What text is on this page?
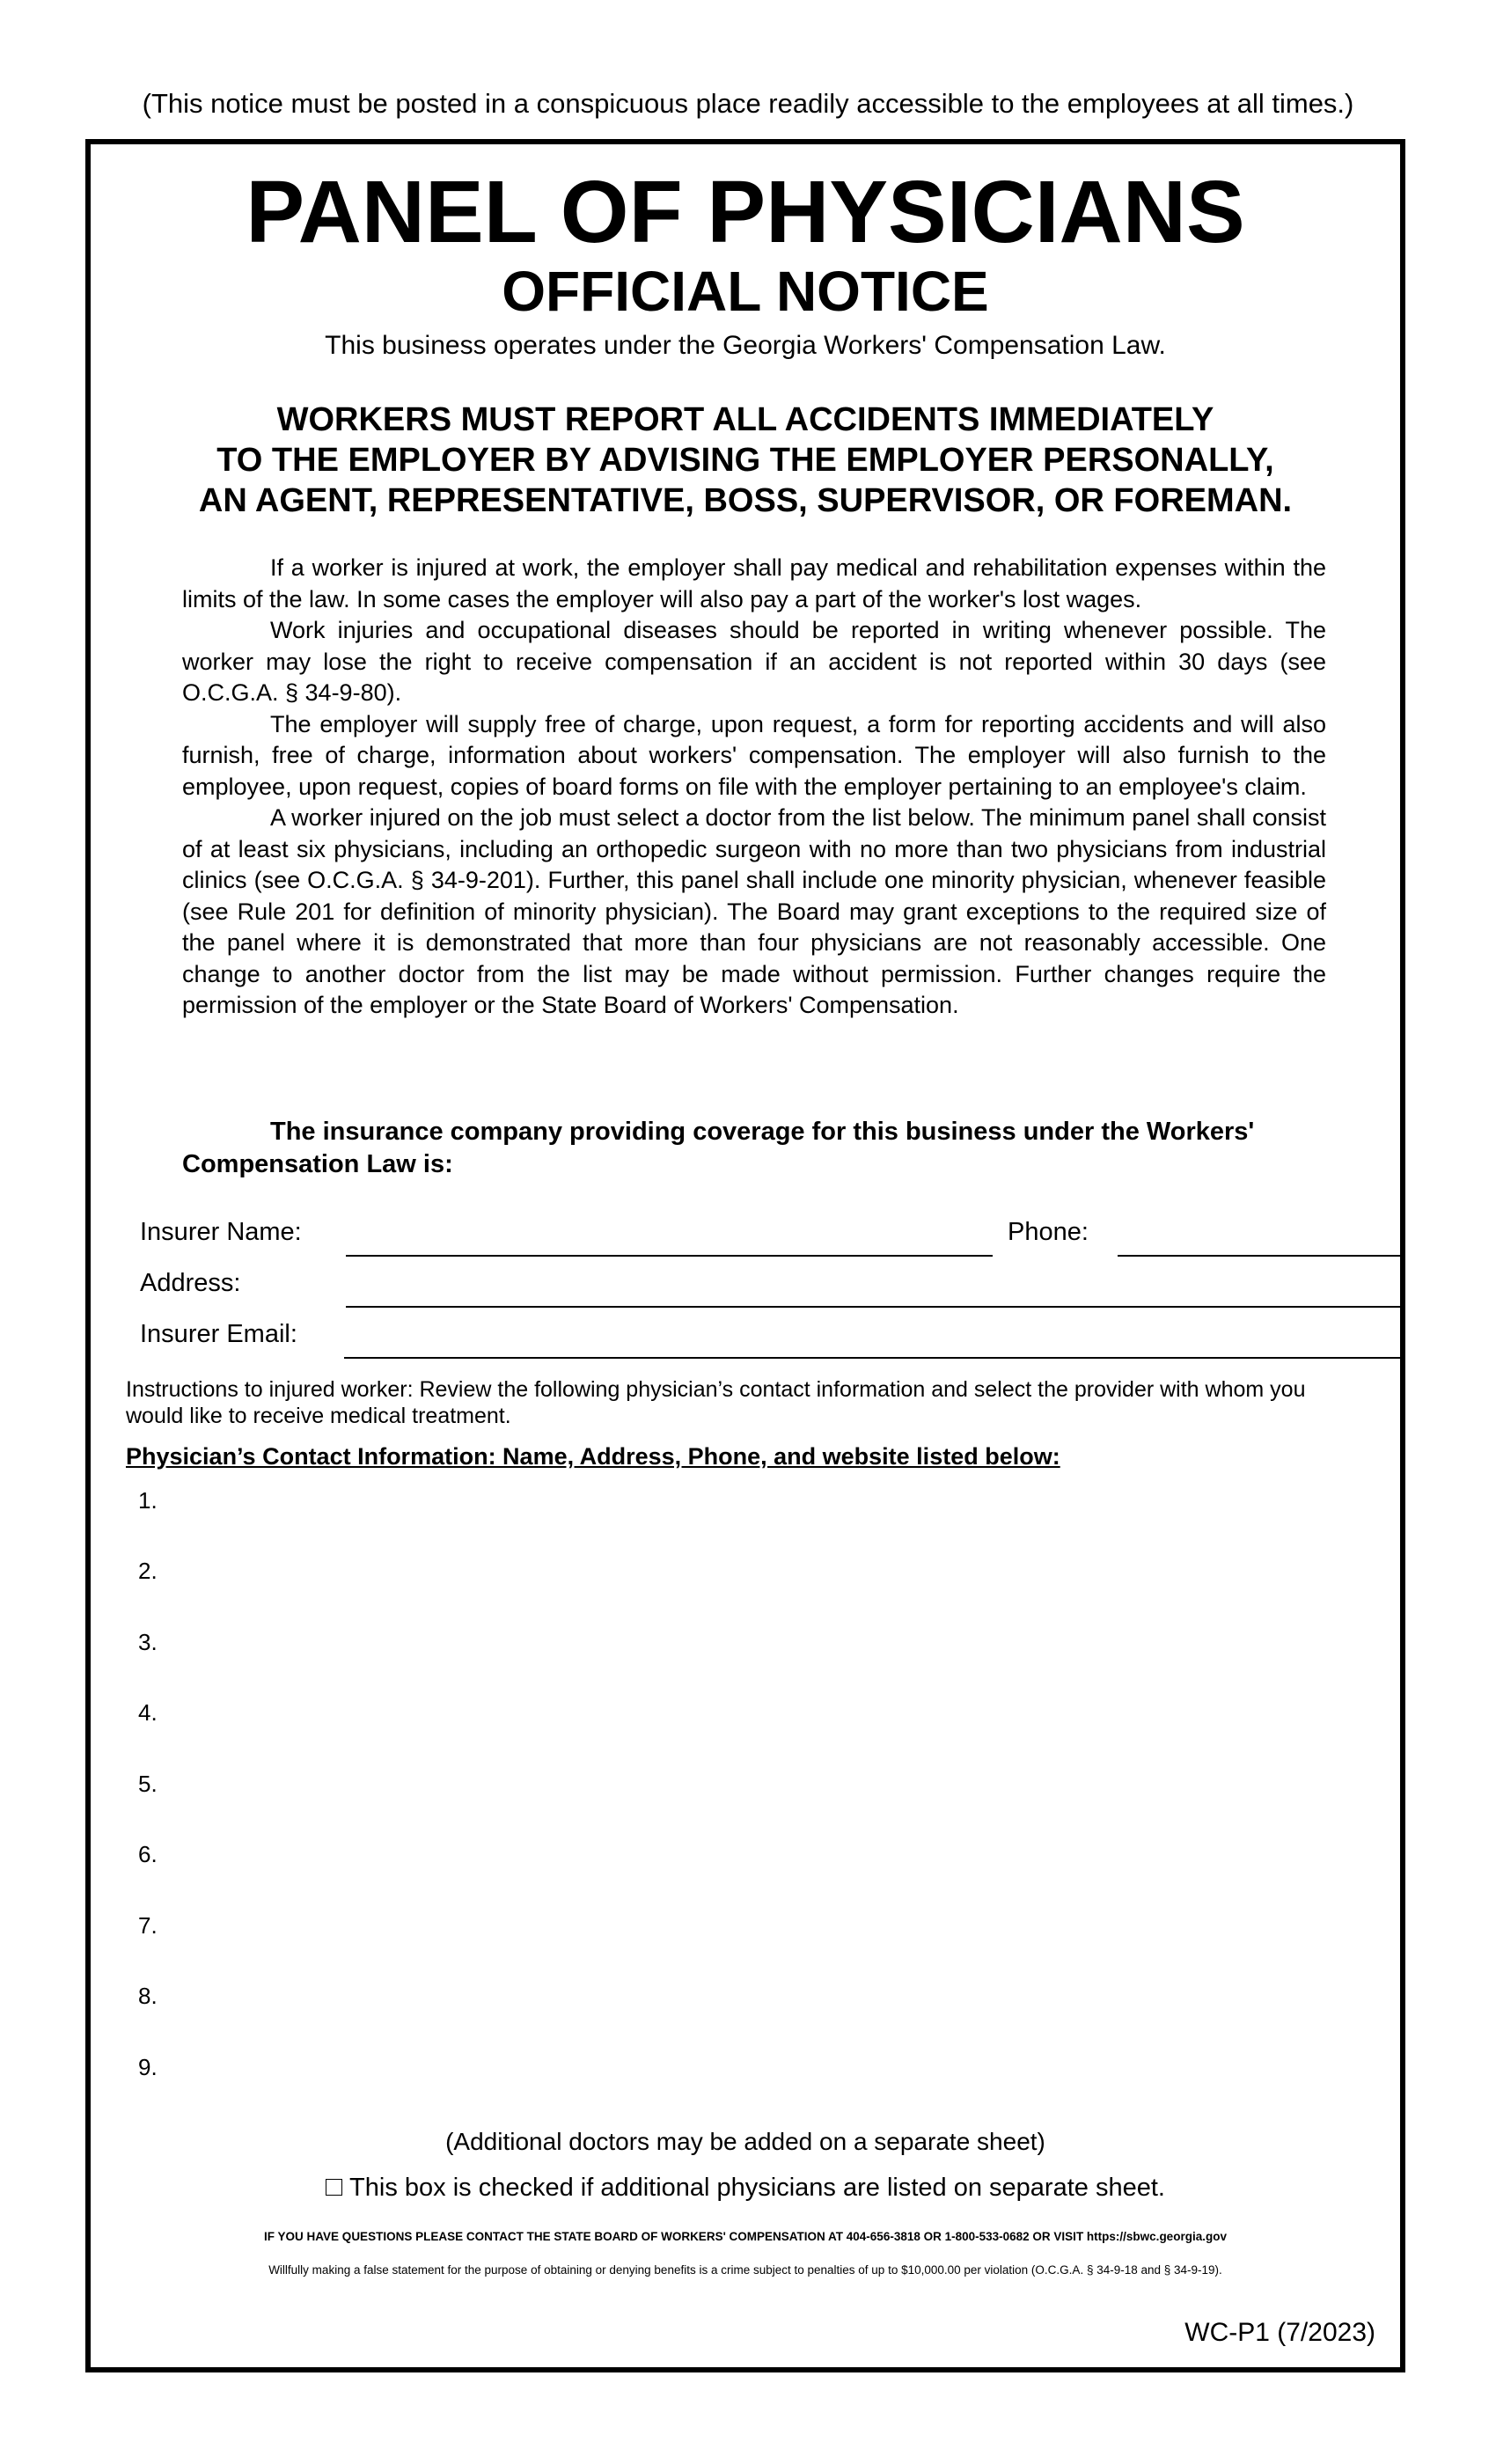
(This notice must be posted in a conspicuous place readily accessible to the employees at all times.)
PANEL OF PHYSICIANS
OFFICIAL NOTICE
This business operates under the Georgia Workers' Compensation Law.
WORKERS MUST REPORT ALL ACCIDENTS IMMEDIATELY
TO THE EMPLOYER BY ADVISING THE EMPLOYER PERSONALLY,
AN AGENT, REPRESENTATIVE, BOSS, SUPERVISOR, OR FOREMAN.

If a worker is injured at work, the employer shall pay medical and rehabilitation expenses within the limits of the law. In some cases the employer will also pay a part of the worker's lost wages.

Work injuries and occupational diseases should be reported in writing whenever possible. The worker may lose the right to receive compensation if an accident is not reported within 30 days (see O.C.G.A. § 34-9-80).

The employer will supply free of charge, upon request, a form for reporting accidents and will also furnish, free of charge, information about workers' compensation. The employer will also furnish to the employee, upon request, copies of board forms on file with the employer pertaining to an employee's claim.

A worker injured on the job must select a doctor from the list below. The minimum panel shall consist of at least six physicians, including an orthopedic surgeon with no more than two physicians from industrial clinics (see O.C.G.A. § 34-9-201). Further, this panel shall include one minority physician, whenever feasible (see Rule 201 for definition of minority physician). The Board may grant exceptions to the required size of the panel where it is demonstrated that more than four physicians are not reasonably accessible. One change to another doctor from the list may be made without permission. Further changes require the permission of the employer or the State Board of Workers' Compensation.

The insurance company providing coverage for this business under the Workers' Compensation Law is:
Insurer Name:	Phone:
Address:
Insurer Email:
Instructions to injured worker: Review the following physician’s contact information and select the provider with whom you would like to receive medical treatment.
Physician’s Contact Information: Name, Address, Phone, and website listed below:
1.
2.
3.
4.
5.
6.
7.
8.
9.
(Additional doctors may be added on a separate sheet)
This box is checked if additional physicians are listed on separate sheet.
IF YOU HAVE QUESTIONS PLEASE CONTACT THE STATE BOARD OF WORKERS' COMPENSATION AT 404-656-3818 OR 1-800-533-0682 OR VISIT https://sbwc.georgia.gov
Willfully making a false statement for the purpose of obtaining or denying benefits is a crime subject to penalties of up to $10,000.00 per violation (O.C.G.A. § 34-9-18 and § 34-9-19).
WC-P1 (7/2023)
